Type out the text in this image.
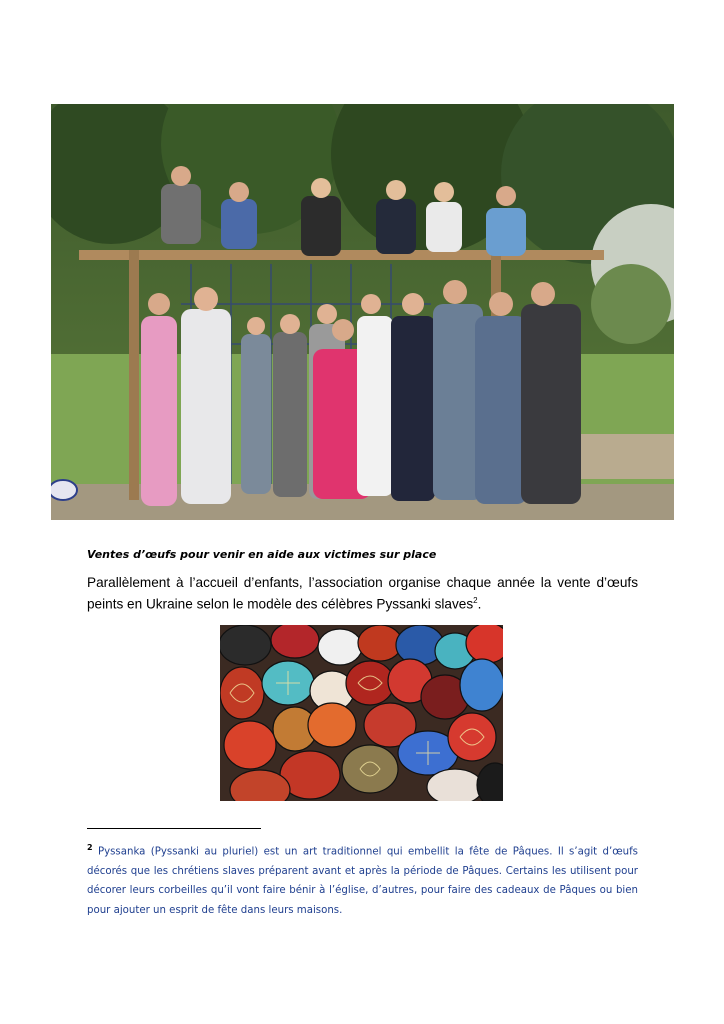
Ventes d’œufs pour venir en aide aux victimes sur place
Parallèlement à l’accueil d’enfants, l’association organise chaque année la vente d’œufs peints en Ukraine selon le modèle des célèbres Pyssanki slaves$^2$.
$^2$ Pyssanka (Pyssanki au pluriel) est un art traditionnel qui embellit la fête de Pâques. Il s’agit d’œufs décorés que les chrétiens slaves préparent avant et après la période de Pâques. Certains les utilisent pour décorer leurs corbeilles qu’il vont faire bénir à l’église, d’autres, pour faire des cadeaux de Pâques ou bien pour ajouter un esprit de fête dans leurs maisons.
